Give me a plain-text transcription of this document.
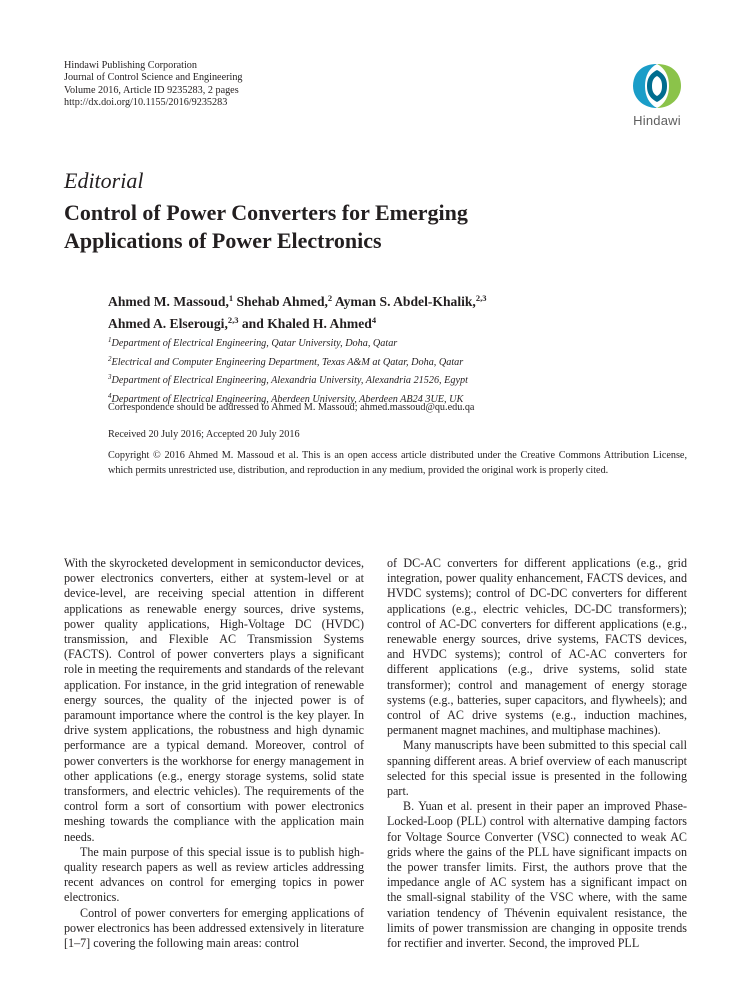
Hindawi Publishing Corporation
Journal of Control Science and Engineering
Volume 2016, Article ID 9235283, 2 pages
http://dx.doi.org/10.1155/2016/9235283
Hindawi
Editorial
Control of Power Converters for Emerging
Applications of Power Electronics
Ahmed M. Massoud,$^1$ Shehab Ahmed,$^2$ Ayman S. Abdel-Khalik,$^{2,3}$
Ahmed A. Elserougi,$^{2,3}$ and Khaled H. Ahmed$^4$
$^1$Department of Electrical Engineering, Qatar University, Doha, Qatar
$^2$Electrical and Computer Engineering Department, Texas A&M at Qatar, Doha, Qatar
$^3$Department of Electrical Engineering, Alexandria University, Alexandria 21526, Egypt
$^4$Department of Electrical Engineering, Aberdeen University, Aberdeen AB24 3UE, UK
Correspondence should be addressed to Ahmed M. Massoud; ahmed.massoud@qu.edu.qa
Received 20 July 2016; Accepted 20 July 2016
Copyright © 2016 Ahmed M. Massoud et al. This is an open access article distributed under the Creative Commons Attribution License, which permits unrestricted use, distribution, and reproduction in any medium, provided the original work is properly cited.

With the skyrocketed development in semiconductor devices, power electronics converters, either at system-level or at device-level, are receiving special attention in different applications as renewable energy sources, drive systems, power quality applications, High-Voltage DC (HVDC) transmission, and Flexible AC Transmission Systems (FACTS). Control of power converters plays a significant role in meeting the requirements and standards of the relevant application. For instance, in the grid integration of renewable energy sources, the quality of the injected power is of paramount importance where the control is the key player. In drive system applications, the robustness and high dynamic performance are a typical demand. Moreover, control of power converters is the workhorse for energy management in other applications (e.g., energy storage systems, solid state transformers, and electric vehicles). The requirements of the control form a sort of consortium with power electronics meshing towards the compliance with the application main needs.

The main purpose of this special issue is to publish high-quality research papers as well as review articles addressing recent advances on control for emerging topics in power electronics.

Control of power converters for emerging applications of power electronics has been addressed extensively in literature [1–7] covering the following main areas: control

of DC-AC converters for different applications (e.g., grid integration, power quality enhancement, FACTS devices, and HVDC systems); control of DC-DC converters for different applications (e.g., electric vehicles, DC-DC transformers); control of AC-DC converters for different applications (e.g., renewable energy sources, drive systems, FACTS devices, and HVDC systems); control of AC-AC converters for different applications (e.g., drive systems, solid state transformer); control and management of energy storage systems (e.g., batteries, super capacitors, and flywheels); and control of AC drive systems (e.g., induction machines, permanent magnet machines, and multiphase machines).

Many manuscripts have been submitted to this special call spanning different areas. A brief overview of each manuscript selected for this special issue is presented in the following part.

B. Yuan et al. present in their paper an improved Phase-Locked-Loop (PLL) control with alternative damping factors for Voltage Source Converter (VSC) connected to weak AC grids where the gains of the PLL have significant impacts on the power transfer limits. First, the authors prove that the impedance angle of AC system has a significant impact on the small-signal stability of the VSC where, with the same variation tendency of Thévenin equivalent resistance, the limits of power transmission are changing in opposite trends for rectifier and inverter. Second, the improved PLL
